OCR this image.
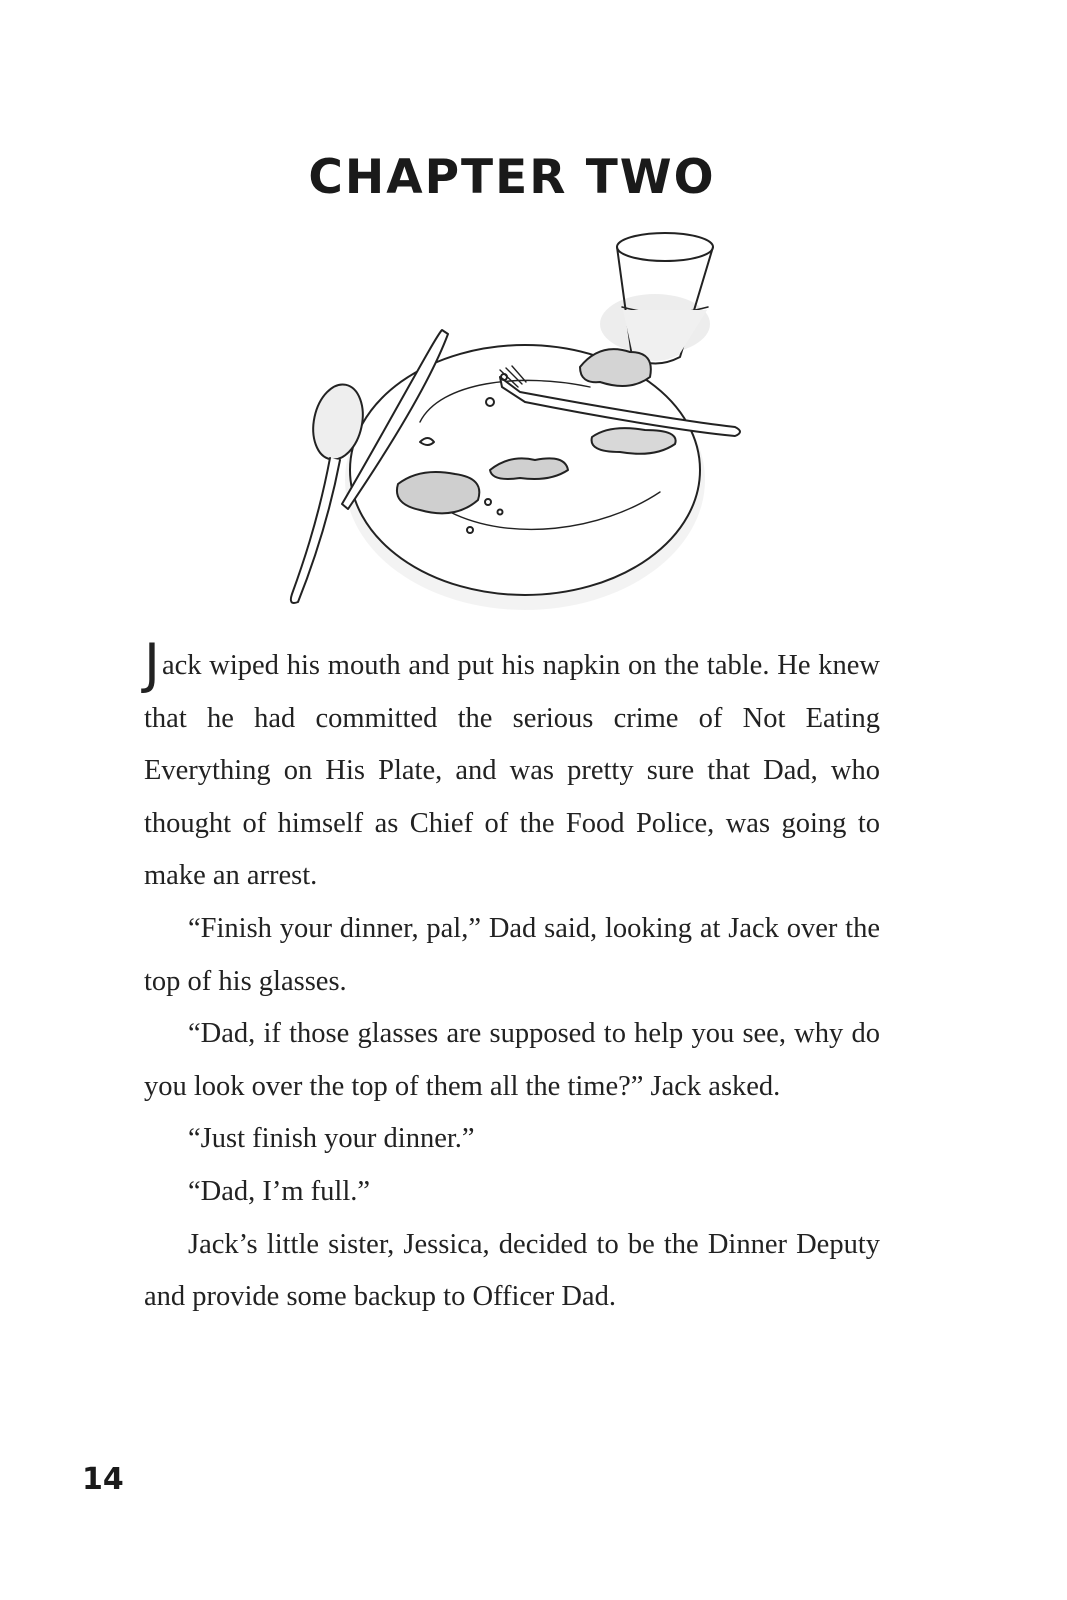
CHAPTER TWO

Jack wiped his mouth and put his napkin on the table. He knew that he had committed the serious crime of Not Eating Everything on His Plate, and was pretty sure that Dad, who thought of himself as Chief of the Food Police, was going to make an arrest.

“Finish your dinner, pal,” Dad said, looking at Jack over the top of his glasses.

“Dad, if those glasses are supposed to help you see, why do you look over the top of them all the time?” Jack asked.

“Just finish your dinner.”

“Dad, I’m full.”

Jack’s little sister, Jessica, decided to be the Dinner Deputy and provide some backup to Officer Dad.

14
